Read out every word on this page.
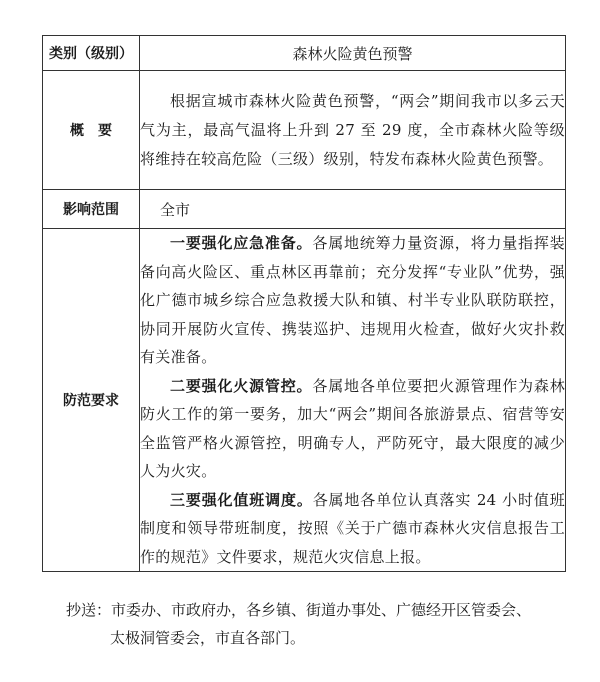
类别（级别）	森林火险黄色预警
概　要	根据宣城市森林火险黄色预警，“两会”期间我市以多云天气为主，最高气温将上升到 27 至 29 度，全市森林火险等级将维持在较高危险（三级）级别，特发布森林火险黄色预警。

影响范围	全市
防范要求	一要强化应急准备。各属地统筹力量资源，将力量指挥装备向高火险区、重点林区再靠前；充分发挥“专业队”优势，强化广德市城乡综合应急救援大队和镇、村半专业队联防联控，协同开展防火宣传、携装巡护、违规用火检查，做好火灾扑救有关准备。

二要强化火源管控。各属地各单位要把火源管理作为森林防火工作的第一要务，加大“两会”期间各旅游景点、宿营等安全监管严格火源管控，明确专人，严防死守，最大限度的减少人为火灾。

三要强化值班调度。各属地各单位认真落实 24 小时值班制度和领导带班制度，按照《关于广德市森林火灾信息报告工作的规范》文件要求，规范火灾信息上报。

抄送：市委办、市政府办，各乡镇、街道办事处、广德经开区管委会、
太极洞管委会，市直各部门。
